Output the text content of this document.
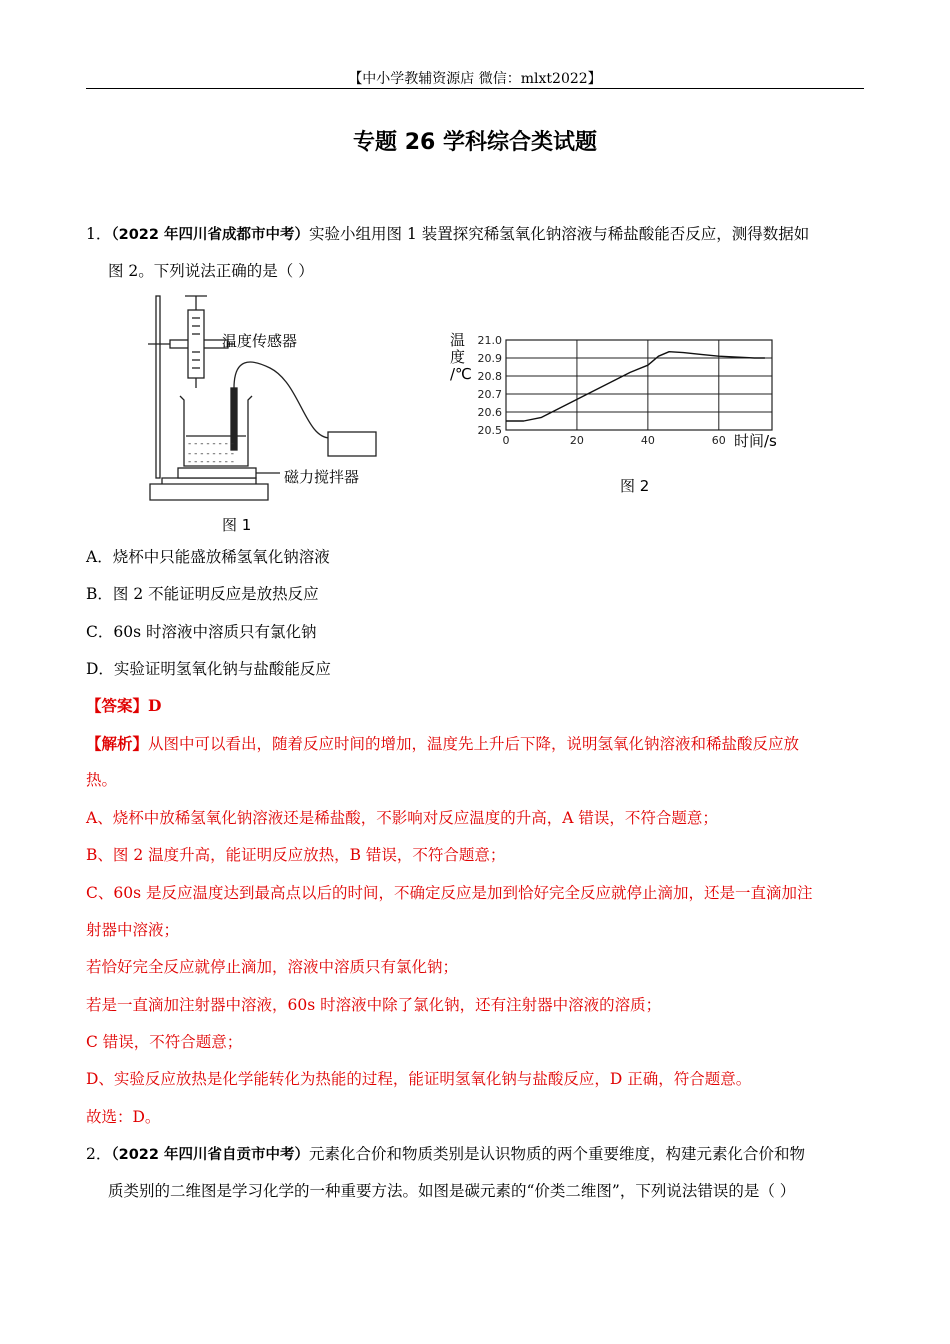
【中小学教辅资源店 微信：mlxt2022】
专题 26 学科综合类试题
1．（2022 年四川省成都市中考）实验小组用图 1 装置探究稀氢氧化钠溶液与稀盐酸能否反应，测得数据如
图 2。下列说法正确的是（ ）
- - - - - - - -
- - - - - - - -
- - - - - - - -
温度传感器
磁力搅拌器
图 1
温
度
/℃
20.5
20.6
20.7
20.8
20.9
21.0
0	20	40	60 时间/s
图 2
A．烧杯中只能盛放稀氢氧化钠溶液
B．图 2 不能证明反应是放热反应
C．60s 时溶液中溶质只有氯化钠
D．实验证明氢氧化钠与盐酸能反应
【答案】D
【解析】从图中可以看出，随着反应时间的增加，温度先上升后下降，说明氢氧化钠溶液和稀盐酸反应放
热。
A、烧杯中放稀氢氧化钠溶液还是稀盐酸，不影响对反应温度的升高，A 错误，不符合题意；
B、图 2 温度升高，能证明反应放热，B 错误，不符合题意；
C、60s 是反应温度达到最高点以后的时间，不确定反应是加到恰好完全反应就停止滴加，还是一直滴加注
射器中溶液；
若恰好完全反应就停止滴加，溶液中溶质只有氯化钠；
若是一直滴加注射器中溶液，60s 时溶液中除了氯化钠，还有注射器中溶液的溶质；
C 错误，不符合题意；
D、实验反应放热是化学能转化为热能的过程，能证明氢氧化钠与盐酸反应，D 正确，符合题意。
故选：D。
2．（2022 年四川省自贡市中考）元素化合价和物质类别是认识物质的两个重要维度，构建元素化合价和物
质类别的二维图是学习化学的一种重要方法。如图是碳元素的“价类二维图”，下列说法错误的是（ ）
